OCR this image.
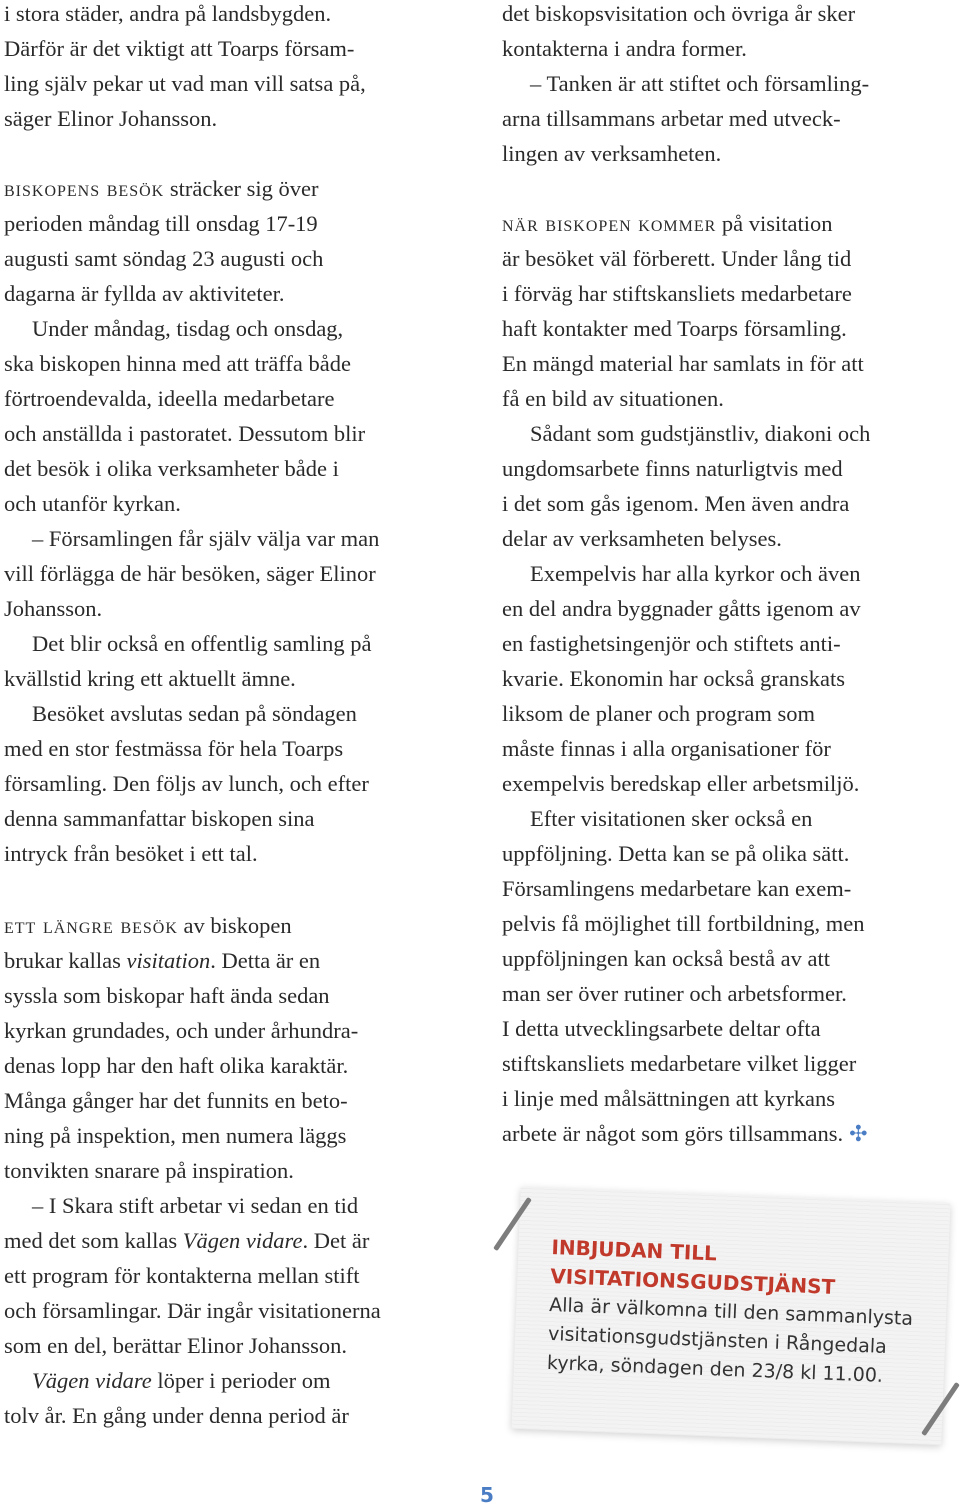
i stora städer, andra på landsbygden.
Därför är det viktigt att Toarps försam-
ling själv pekar ut vad man vill satsa på,
säger Elinor Johansson.
biskopens besök sträcker sig över
perioden måndag till onsdag 17-19
augusti samt söndag 23 augusti och
dagarna är fyllda av aktiviteter.
Under måndag, tisdag och onsdag,
ska biskopen hinna med att träffa både
förtroendevalda, ideella medarbetare
och anställda i pastoratet. Dessutom blir
det besök i olika verksamheter både i
och utanför kyrkan.
– Församlingen får själv välja var man
vill förlägga de här besöken, säger Elinor
Johansson.
Det blir också en offentlig samling på
kvällstid kring ett aktuellt ämne.
Besöket avslutas sedan på söndagen
med en stor festmässa för hela Toarps
församling. Den följs av lunch, och efter
denna sammanfattar biskopen sina
intryck från besöket i ett tal.
ett längre besök av biskopen
brukar kallas visitation. Detta är en
syssla som biskopar haft ända sedan
kyrkan grundades, och under århundra-
denas lopp har den haft olika karaktär.
Många gånger har det funnits en beto-
ning på inspektion, men numera läggs
tonvikten snarare på inspiration.
– I Skara stift arbetar vi sedan en tid
med det som kallas Vägen vidare. Det är
ett program för kontakterna mellan stift
och församlingar. Där ingår visitationerna
som en del, berättar Elinor Johansson.
Vägen vidare löper i perioder om
tolv år. En gång under denna period är
det biskopsvisitation och övriga år sker
kontakterna i andra former.
– Tanken är att stiftet och församling-
arna tillsammans arbetar med utveck-
lingen av verksamheten.
när biskopen kommer på visitation
är besöket väl förberett. Under lång tid
i förväg har stiftskansliets medarbetare
haft kontakter med Toarps församling.
En mängd material har samlats in för att
få en bild av situationen.
Sådant som gudstjänstliv, diakoni och
ungdomsarbete finns naturligtvis med
i det som gås igenom. Men även andra
delar av verksamheten belyses.
Exempelvis har alla kyrkor och även
en del andra byggnader gåtts igenom av
en fastighetsingenjör och stiftets anti-
kvarie. Ekonomin har också granskats
liksom de planer och program som
måste finnas i alla organisationer för
exempelvis beredskap eller arbetsmiljö.
Efter visitationen sker också en
uppföljning. Detta kan se på olika sätt.
Församlingens medarbetare kan exem-
pelvis få möjlighet till fortbildning, men
uppföljningen kan också bestå av att
man ser över rutiner och arbetsformer.
I detta utvecklingsarbete deltar ofta
stiftskansliets medarbetare vilket ligger
i linje med målsättningen att kyrkans
arbete är något som görs tillsammans. ✣
INBJUDAN TILL
VISITATIONSGUDSTJÄNST
Alla är välkomna till den sammanlysta
visitationsgudstjänsten i Rångedala
kyrka, söndagen den 23/8 kl 11.00.
5
